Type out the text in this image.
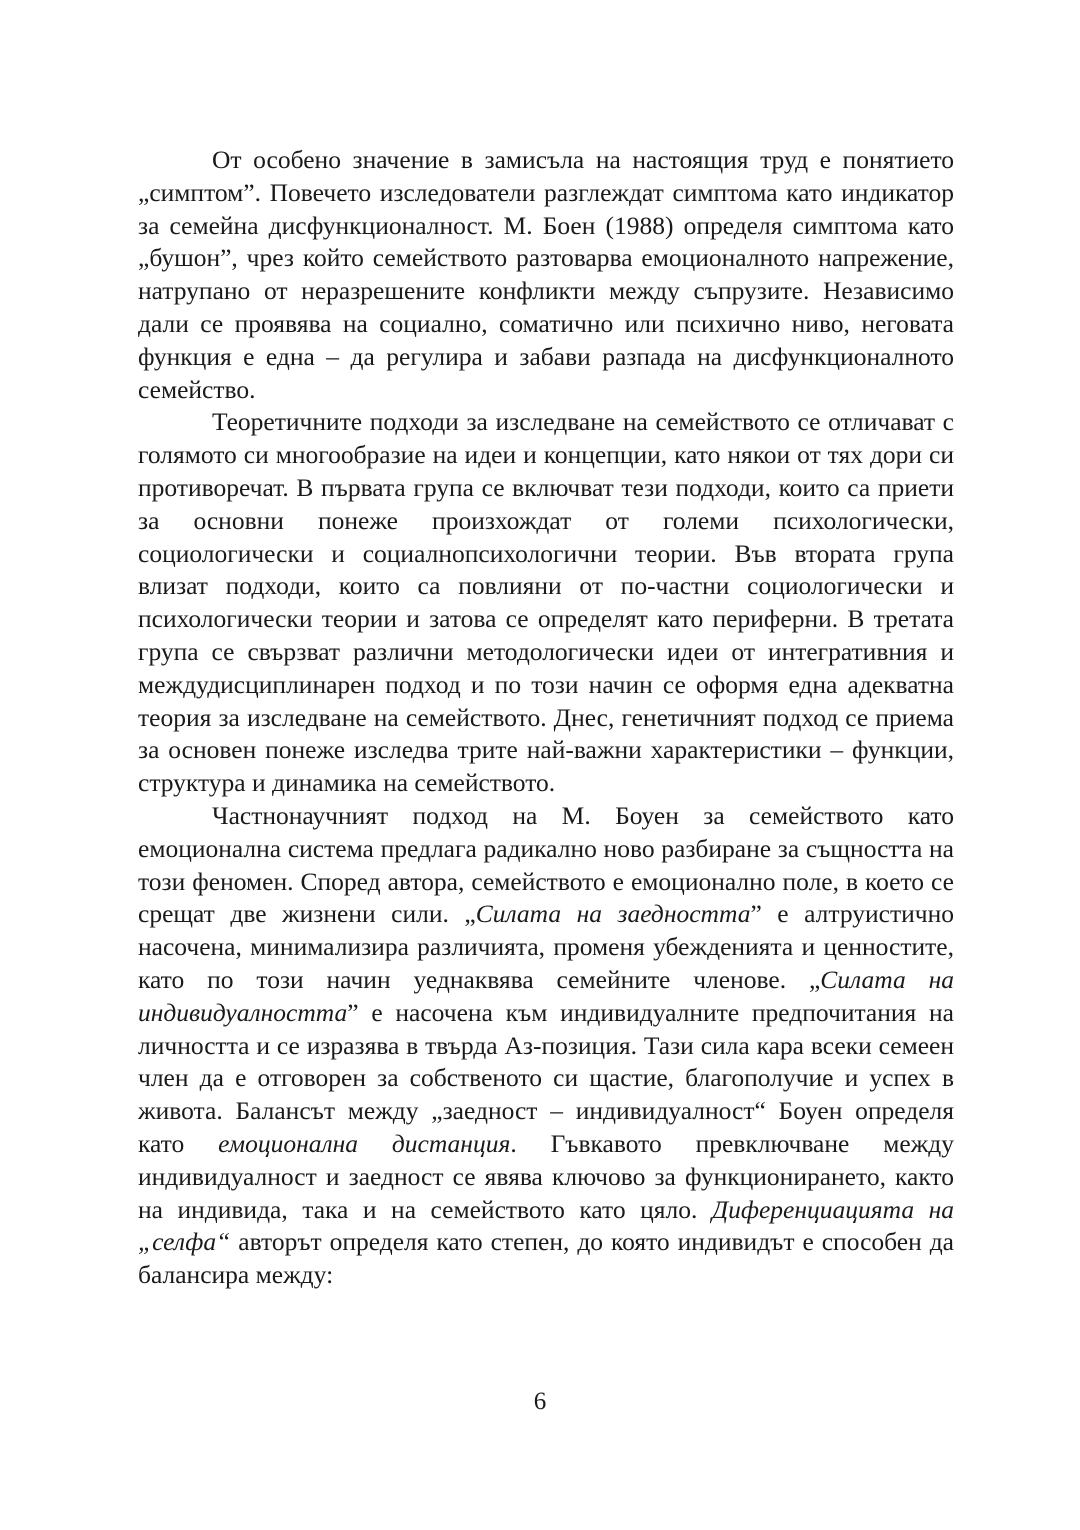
От особено значение в замисъла на настоящия труд е понятието „симптом”. Повечето изследователи разглеждат симптома като индикатор за семейна дисфункционалност. М. Боен (1988) определя симптома като „бушон”, чрез който семейството разтоварва емоционалното напрежение, натрупано от неразрешените конфликти между съпрузите. Независимо дали се проявява на социално, соматично или психично ниво, неговата функция е една – да регулира и забави разпада на дисфункционалното семейство.

Теоретичните подходи за изследване на семейството се отличават с голямото си многообразие на идеи и концепции, като някои от тях дори си противоречат. В първата група се включват тези подходи, които са приети за основни понеже произхождат от големи психологически, социологически и социалнопсихологични теории. Във втората група влизат подходи, които са повлияни от по-частни социологически и психологически теории и затова се определят като периферни. В третата група се свързват различни методологически идеи от интегративния и междудисциплинарен подход и по този начин се оформя една адекватна теория за изследване на семейството. Днес, генетичният подход се приема за основен понеже изследва трите най-важни характеристики – функции, структура и динамика на семейството.

Частнонаучният подход на М. Боуен за семейството като емоционална система предлага радикално ново разбиране за същността на този феномен. Според автора, семейството е емоционално поле, в което се срещат две жизнени сили. „Силата на заедността” е алтруистично насочена, минимализира различията, променя убежденията и ценностите, като по този начин уеднаквява семейните членове. „Силата на индивидуалността” е насочена към индивидуалните предпочитания на личността и се изразява в твърда Аз-позиция. Тази сила кара всеки семеен член да е отговорен за собственото си щастие, благополучие и успех в живота. Балансът между „заедност – индивидуалност“ Боуен определя като емоционална дистанция. Гъвкавото превключване между индивидуалност и заедност се явява ключово за функционирането, както на индивида, така и на семейството като цяло. Диференциацията на „селфа“ авторът определя като степен, до която индивидът е способен да балансира между:

6
